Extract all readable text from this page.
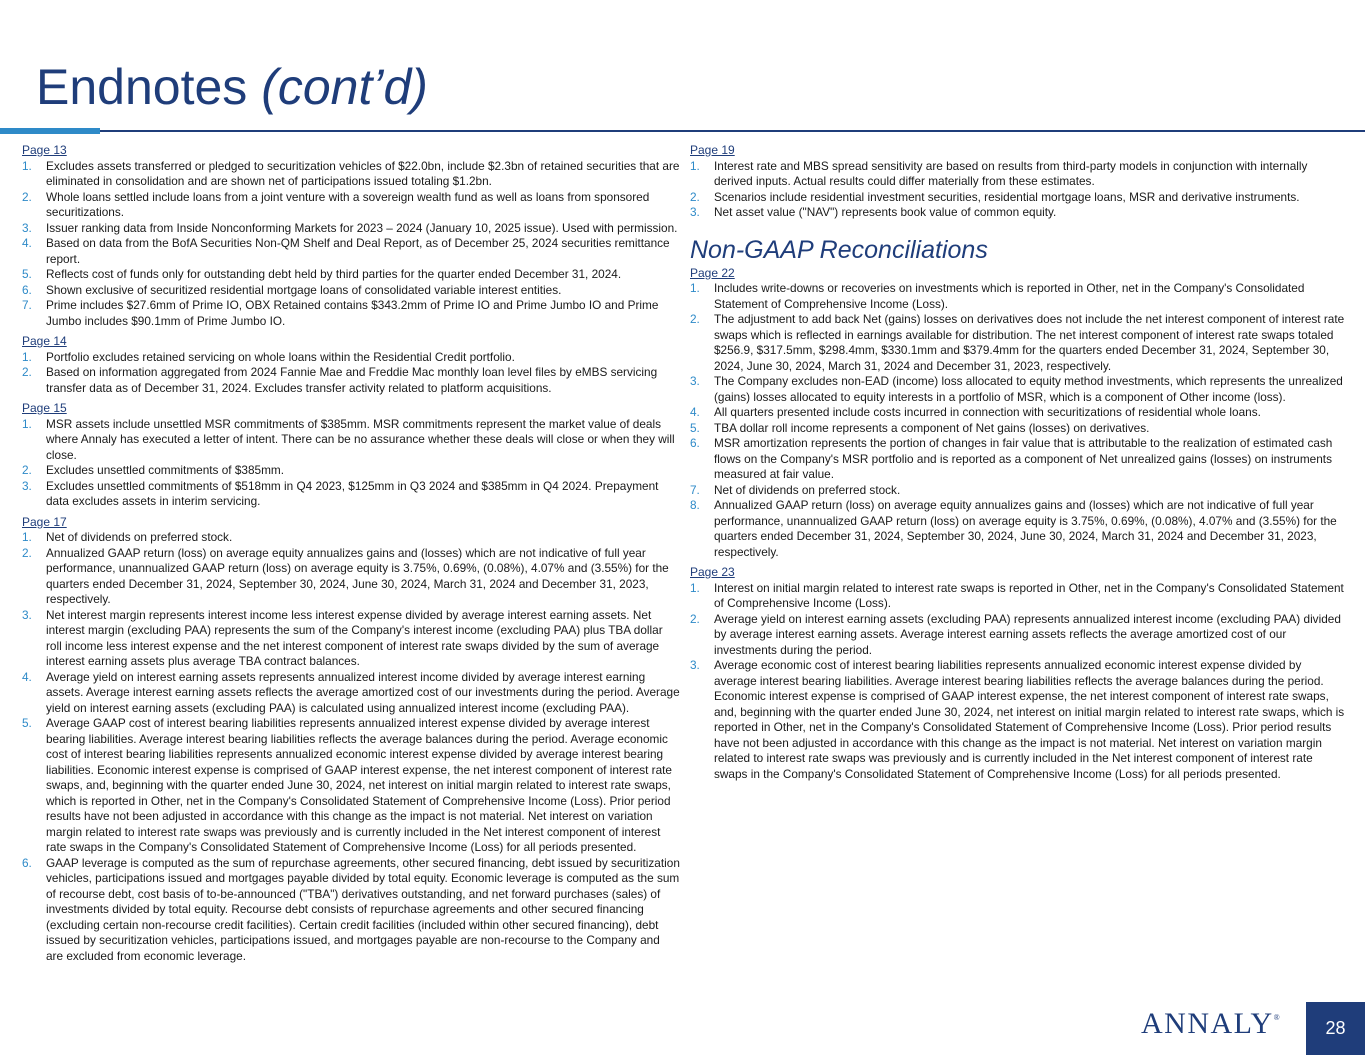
Endnotes (cont’d)
Page 13
1. Excludes assets transferred or pledged to securitization vehicles of $22.0bn, include $2.3bn of retained securities that are eliminated in consolidation and are shown net of participations issued totaling $1.2bn.
2. Whole loans settled include loans from a joint venture with a sovereign wealth fund as well as loans from sponsored securitizations.
3. Issuer ranking data from Inside Nonconforming Markets for 2023 – 2024 (January 10, 2025 issue). Used with permission.
4. Based on data from the BofA Securities Non-QM Shelf and Deal Report, as of December 25, 2024 securities remittance report.
5. Reflects cost of funds only for outstanding debt held by third parties for the quarter ended December 31, 2024.
6. Shown exclusive of securitized residential mortgage loans of consolidated variable interest entities.
7. Prime includes $27.6mm of Prime IO, OBX Retained contains $343.2mm of Prime IO and Prime Jumbo IO and Prime Jumbo includes $90.1mm of Prime Jumbo IO.
Page 14
1. Portfolio excludes retained servicing on whole loans within the Residential Credit portfolio.
2. Based on information aggregated from 2024 Fannie Mae and Freddie Mac monthly loan level files by eMBS servicing transfer data as of December 31, 2024. Excludes transfer activity related to platform acquisitions.
Page 15
1. MSR assets include unsettled MSR commitments of $385mm. MSR commitments represent the market value of deals where Annaly has executed a letter of intent. There can be no assurance whether these deals will close or when they will close.
2. Excludes unsettled commitments of $385mm.
3. Excludes unsettled commitments of $518mm in Q4 2023, $125mm in Q3 2024 and $385mm in Q4 2024. Prepayment data excludes assets in interim servicing.
Page 17
1. Net of dividends on preferred stock.
2. Annualized GAAP return (loss) on average equity annualizes gains and (losses) which are not indicative of full year performance, unannualized GAAP return (loss) on average equity is 3.75%, 0.69%, (0.08%), 4.07% and (3.55%) for the quarters ended December 31, 2024, September 30, 2024, June 30, 2024, March 31, 2024 and December 31, 2023, respectively.
3. Net interest margin represents interest income less interest expense divided by average interest earning assets. Net interest margin (excluding PAA) represents the sum of the Company's interest income (excluding PAA) plus TBA dollar roll income less interest expense and the net interest component of interest rate swaps divided by the sum of average interest earning assets plus average TBA contract balances.
4. Average yield on interest earning assets represents annualized interest income divided by average interest earning assets. Average interest earning assets reflects the average amortized cost of our investments during the period. Average yield on interest earning assets (excluding PAA) is calculated using annualized interest income (excluding PAA).
5. Average GAAP cost of interest bearing liabilities represents annualized interest expense divided by average interest bearing liabilities. Average interest bearing liabilities reflects the average balances during the period. Average economic cost of interest bearing liabilities represents annualized economic interest expense divided by average interest bearing liabilities. Economic interest expense is comprised of GAAP interest expense, the net interest component of interest rate swaps, and, beginning with the quarter ended June 30, 2024, net interest on initial margin related to interest rate swaps, which is reported in Other, net in the Company's Consolidated Statement of Comprehensive Income (Loss). Prior period results have not been adjusted in accordance with this change as the impact is not material. Net interest on variation margin related to interest rate swaps was previously and is currently included in the Net interest component of interest rate swaps in the Company's Consolidated Statement of Comprehensive Income (Loss) for all periods presented.
6. GAAP leverage is computed as the sum of repurchase agreements, other secured financing, debt issued by securitization vehicles, participations issued and mortgages payable divided by total equity. Economic leverage is computed as the sum of recourse debt, cost basis of to-be-announced ("TBA") derivatives outstanding, and net forward purchases (sales) of investments divided by total equity. Recourse debt consists of repurchase agreements and other secured financing (excluding certain non-recourse credit facilities). Certain credit facilities (included within other secured financing), debt issued by securitization vehicles, participations issued, and mortgages payable are non-recourse to the Company and are excluded from economic leverage.
Page 19
1. Interest rate and MBS spread sensitivity are based on results from third-party models in conjunction with internally derived inputs. Actual results could differ materially from these estimates.
2. Scenarios include residential investment securities, residential mortgage loans, MSR and derivative instruments.
3. Net asset value ("NAV") represents book value of common equity.
Non-GAAP Reconciliations
Page 22
1. Includes write-downs or recoveries on investments which is reported in Other, net in the Company's Consolidated Statement of Comprehensive Income (Loss).
2. The adjustment to add back Net (gains) losses on derivatives does not include the net interest component of interest rate swaps which is reflected in earnings available for distribution. The net interest component of interest rate swaps totaled $256.9, $317.5mm, $298.4mm, $330.1mm and $379.4mm for the quarters ended December 31, 2024, September 30, 2024, June 30, 2024, March 31, 2024 and December 31, 2023, respectively.
3. The Company excludes non-EAD (income) loss allocated to equity method investments, which represents the unrealized (gains) losses allocated to equity interests in a portfolio of MSR, which is a component of Other income (loss).
4. All quarters presented include costs incurred in connection with securitizations of residential whole loans.
5. TBA dollar roll income represents a component of Net gains (losses) on derivatives.
6. MSR amortization represents the portion of changes in fair value that is attributable to the realization of estimated cash flows on the Company's MSR portfolio and is reported as a component of Net unrealized gains (losses) on instruments measured at fair value.
7. Net of dividends on preferred stock.
8. Annualized GAAP return (loss) on average equity annualizes gains and (losses) which are not indicative of full year performance, unannualized GAAP return (loss) on average equity is 3.75%, 0.69%, (0.08%), 4.07% and (3.55%) for the quarters ended December 31, 2024, September 30, 2024, June 30, 2024, March 31, 2024 and December 31, 2023, respectively.
Page 23
1. Interest on initial margin related to interest rate swaps is reported in Other, net in the Company's Consolidated Statement of Comprehensive Income (Loss).
2. Average yield on interest earning assets (excluding PAA) represents annualized interest income (excluding PAA) divided by average interest earning assets. Average interest earning assets reflects the average amortized cost of our investments during the period.
3. Average economic cost of interest bearing liabilities represents annualized economic interest expense divided by average interest bearing liabilities. Average interest bearing liabilities reflects the average balances during the period. Economic interest expense is comprised of GAAP interest expense, the net interest component of interest rate swaps, and, beginning with the quarter ended June 30, 2024, net interest on initial margin related to interest rate swaps, which is reported in Other, net in the Company's Consolidated Statement of Comprehensive Income (Loss). Prior period results have not been adjusted in accordance with this change as the impact is not material. Net interest on variation margin related to interest rate swaps was previously and is currently included in the Net interest component of interest rate swaps in the Company's Consolidated Statement of Comprehensive Income (Loss) for all periods presented.
ANNALY®
28
